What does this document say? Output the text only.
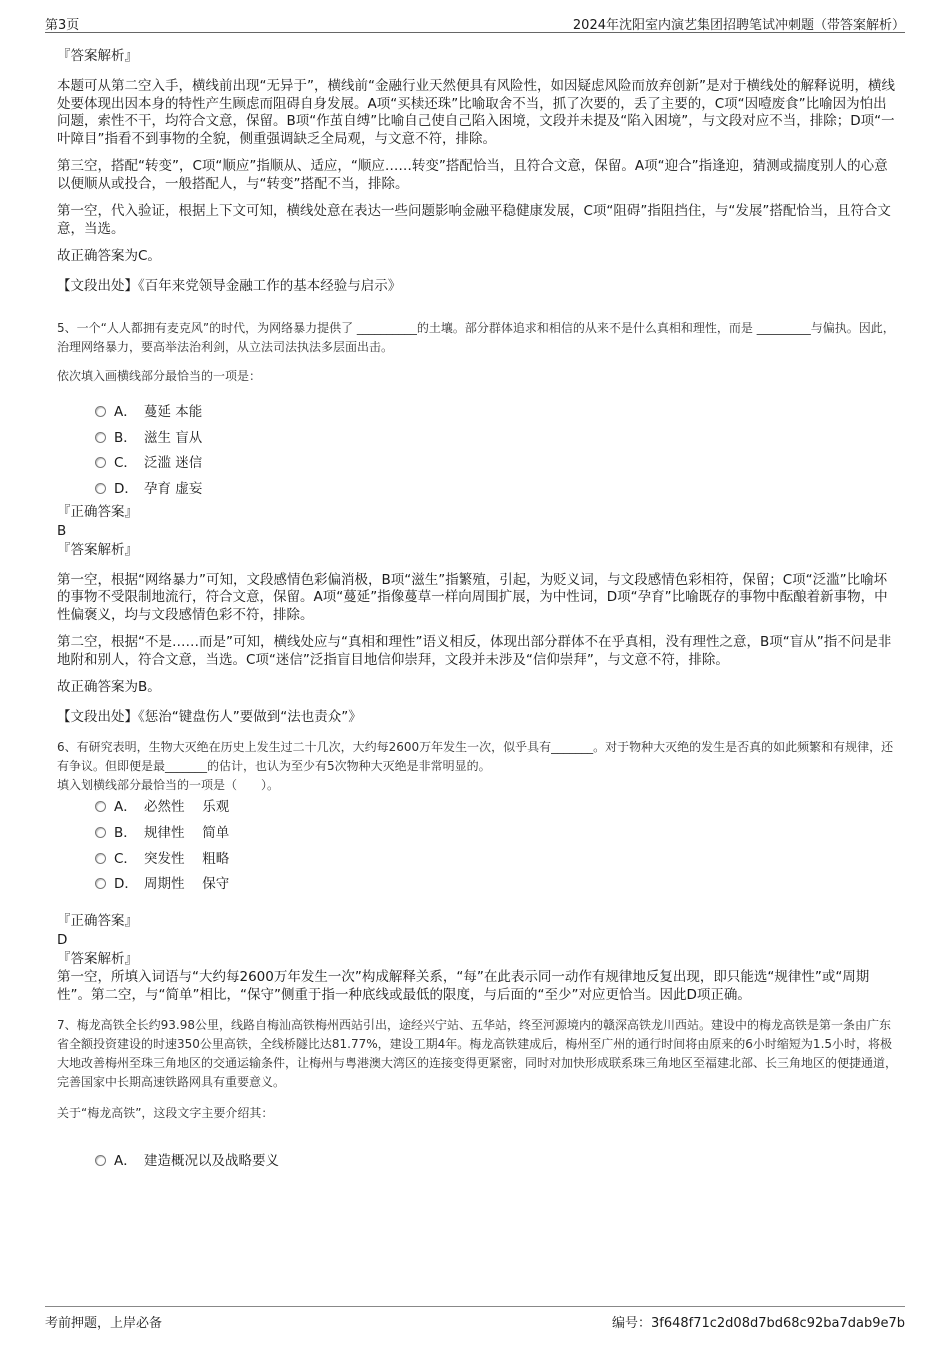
第3页	2024年沈阳室内演艺集团招聘笔试冲刺题（带答案解析）

『答案解析』

本题可从第二空入手，横线前出现“无异于”，横线前“金融行业天然便具有风险性，如因疑虑风险而放弃创新”是对于横线处的解释说明，横线处要体现出因本身的特性产生顾虑而阻碍自身发展。A项“买椟还珠”比喻取舍不当，抓了次要的，丢了主要的，C项“因噎废食”比喻因为怕出问题，索性不干，均符合文意，保留。B项“作茧自缚”比喻自己使自己陷入困境，文段并未提及“陷入困境”，与文段对应不当，排除；D项“一叶障目”指看不到事物的全貌，侧重强调缺乏全局观，与文意不符，排除。

第三空，搭配“转变”，C项“顺应”指顺从、适应，“顺应……转变”搭配恰当，且符合文意，保留。A项“迎合”指逢迎，猜测或揣度别人的心意以便顺从或投合，一般搭配人，与“转变”搭配不当，排除。

第一空，代入验证，根据上下文可知，横线处意在表达一些问题影响金融平稳健康发展，C项“阻碍”指阻挡住，与“发展”搭配恰当，且符合文意，当选。

故正确答案为C。

【文段出处】《百年来党领导金融工作的基本经验与启示》

5、一个“人人都拥有麦克风”的时代，为网络暴力提供了 __________的土壤。部分群体追求和相信的从来不是什么真相和理性，而是 _________与偏执。因此，治理网络暴力，要高举法治利剑，从立法司法执法多层面出击。

依次填入画横线部分最恰当的一项是：

A． 蔓延 本能
B． 滋生 盲从
C． 泛滥 迷信
D． 孕育 虚妄

『正确答案』

B

『答案解析』

第一空，根据“网络暴力”可知，文段感情色彩偏消极，B项“滋生”指繁殖，引起，为贬义词，与文段感情色彩相符，保留；C项“泛滥”比喻坏的事物不受限制地流行，符合文意，保留。A项“蔓延”指像蔓草一样向周围扩展，为中性词，D项“孕育”比喻既存的事物中酝酿着新事物，中性偏褒义，均与文段感情色彩不符，排除。

第二空，根据“不是……而是”可知，横线处应与“真相和理性”语义相反，体现出部分群体不在乎真相，没有理性之意，B项“盲从”指不问是非地附和别人，符合文意，当选。C项“迷信”泛指盲目地信仰崇拜，文段并未涉及“信仰崇拜”，与文意不符，排除。

故正确答案为B。

【文段出处】《惩治“键盘伤人”要做到“法也责众”》

6、有研究表明，生物大灭绝在历史上发生过二十几次，大约每2600万年发生一次，似乎具有_______。对于物种大灭绝的发生是否真的如此频繁和有规律，还有争议。但即便是最_______的估计，也认为至少有5次物种大灭绝是非常明显的。

填入划横线部分最恰当的一项是（　　）。

A． 必然性　 乐观
B． 规律性　 简单
C． 突发性　 粗略
D． 周期性　 保守

『正确答案』

D

『答案解析』

第一空，所填入词语与“大约每2600万年发生一次”构成解释关系，“每”在此表示同一动作有规律地反复出现，即只能选“规律性”或“周期性”。第二空，与“简单”相比，“保守”侧重于指一种底线或最低的限度，与后面的“至少”对应更恰当。因此D项正确。

7、梅龙高铁全长约93.98公里，线路自梅汕高铁梅州西站引出，途经兴宁站、五华站，终至河源境内的赣深高铁龙川西站。建设中的梅龙高铁是第一条由广东省全额投资建设的时速350公里高铁，全线桥隧比达81.77%，建设工期4年。梅龙高铁建成后，梅州至广州的通行时间将由原来的6小时缩短为1.5小时，将极大地改善梅州至珠三角地区的交通运输条件，让梅州与粤港澳大湾区的连接变得更紧密，同时对加快形成联系珠三角地区至福建北部、长三角地区的便捷通道，完善国家中长期高速铁路网具有重要意义。

关于“梅龙高铁”，这段文字主要介绍其：

A． 建造概况以及战略要义
考前押题，上岸必备	编号：3f648f71c2d08d7bd68c92ba7dab9e7b
